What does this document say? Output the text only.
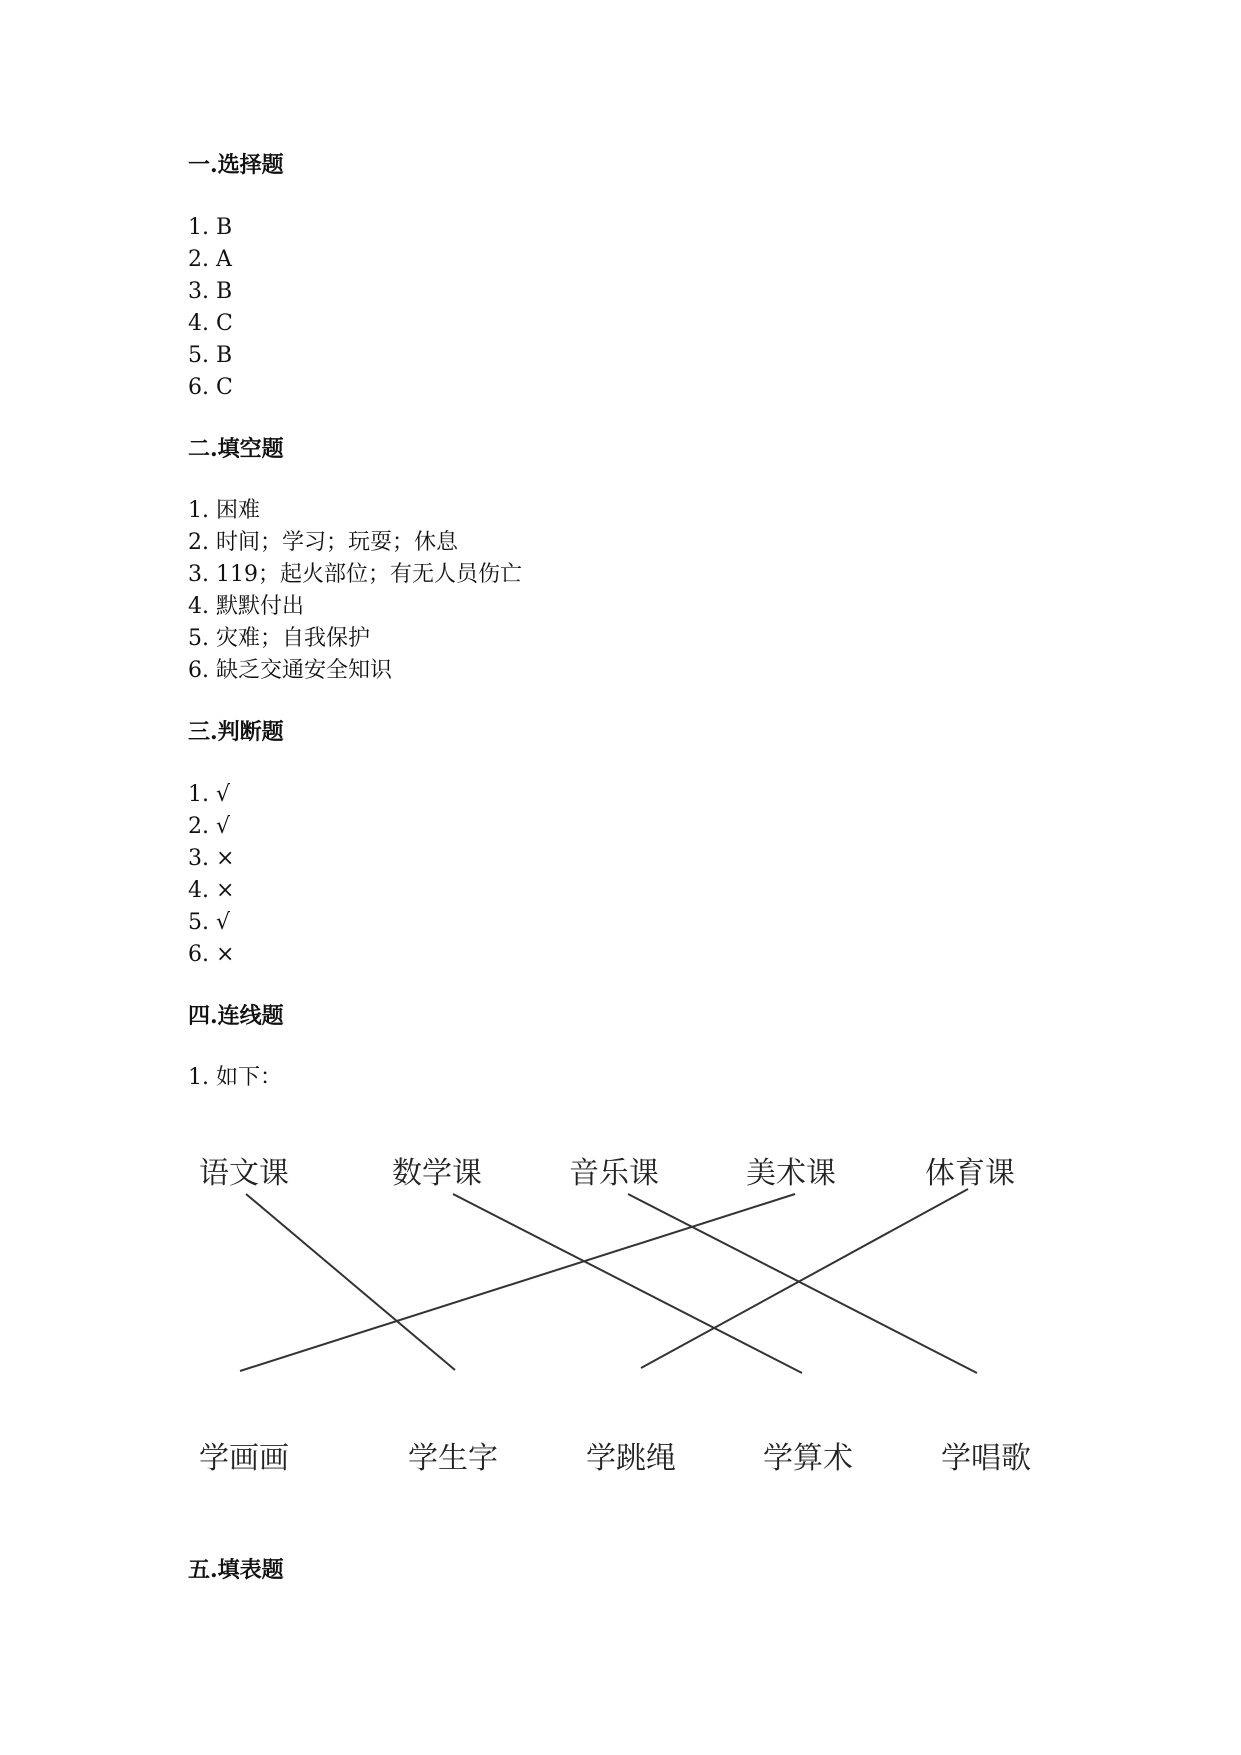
一.选择题
1. B
2. A
3. B
4. C
5. B
6. C
二.填空题
1. 困难
2. 时间；学习；玩耍；休息
3. 119；起火部位；有无人员伤亡
4. 默默付出
5. 灾难；自我保护
6. 缺乏交通安全知识
三.判断题
1. √
2. √
3. ×
4. ×
5. √
6. ×
四.连线题
1. 如下：
语文课	数学课	音乐课	美术课	体育课
学画画	学生字	学跳绳	学算术	学唱歌
五.填表题
